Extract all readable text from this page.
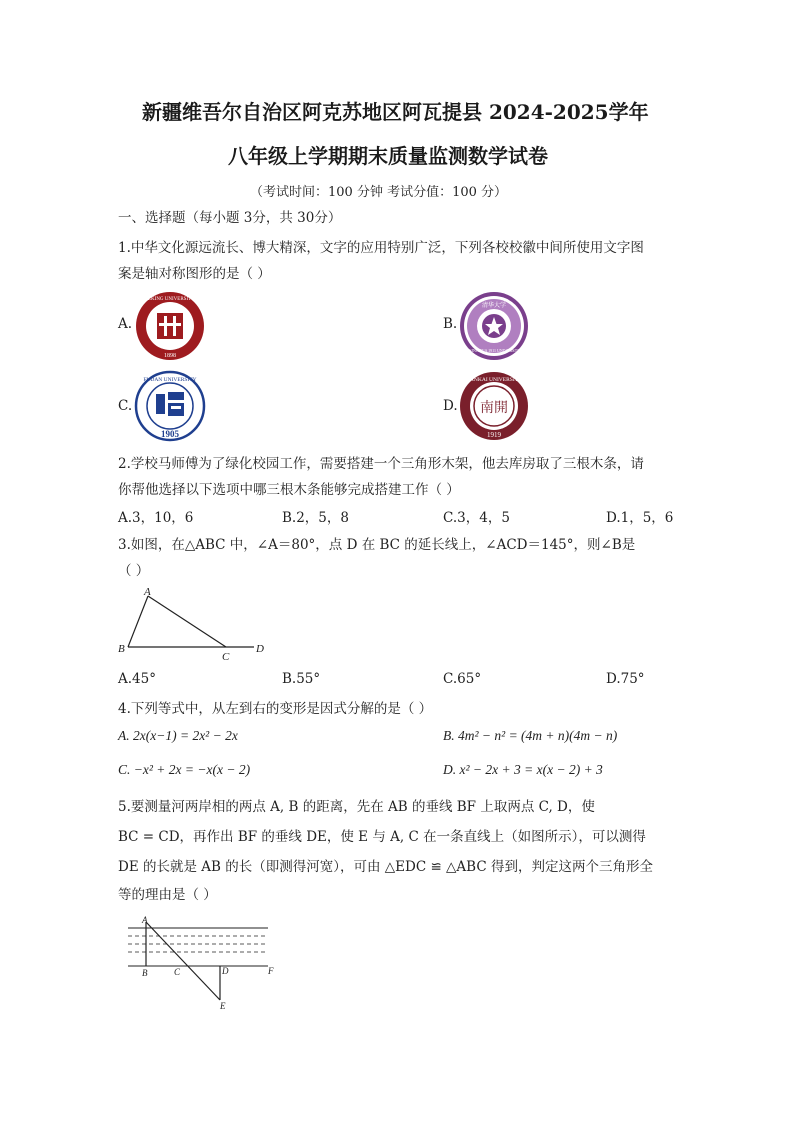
新疆维吾尔自治区阿克苏地区阿瓦提县 2024-2025学年
八年级上学期期末质量监测数学试卷
（考试时间：100 分钟 考试分值：100 分）
一、选择题（每小题 3分，共 30分）
1.中华文化源远流长、博大精深，文字的应用特别广泛，下列各校校徽中间所使用文字图
案是轴对称图形的是（ ）
A.
PEKING UNIVERSITY
1898
B.
清华大学
TSINGHUA 1911 UNIVERSITY
C.
FUDAN UNIVERSITY
1905
D. 南開
NANKAI UNIVERSITY
1919
2.学校马师傅为了绿化校园工作，需要搭建一个三角形木架，他去库房取了三根木条，请
你帮他选择以下选项中哪三根木条能够完成搭建工作（ ）
A.3，10，6	B.2，5，8	C.3，4，5	D.1，5，6
3.如图，在△ABC 中，∠A＝80°，点 D 在 BC 的延长线上，∠ACD＝145°，则∠B是
（ ）
A
B
C
D
A.45°	B.55°	C.65°	D.75°
4.下列等式中，从左到右的变形是因式分解的是（ ）
A. 2x(x−1) = 2x² − 2x	B. 4m² − n² = (4m + n)(4m − n)
C. −x² + 2x = −x(x − 2)	D. x² − 2x + 3 = x(x − 2) + 3
5.要测量河两岸相的两点 A, B 的距离，先在 AB 的垂线 BF 上取两点 C, D，使
BC = CD，再作出 BF 的垂线 DE，使 E 与 A, C 在一条直线上（如图所示），可以测得
DE 的长就是 AB 的长（即测得河宽），可由 △EDC ≌ △ABC 得到，判定这两个三角形全
等的理由是（ ）
A
B	C	D
E
F
